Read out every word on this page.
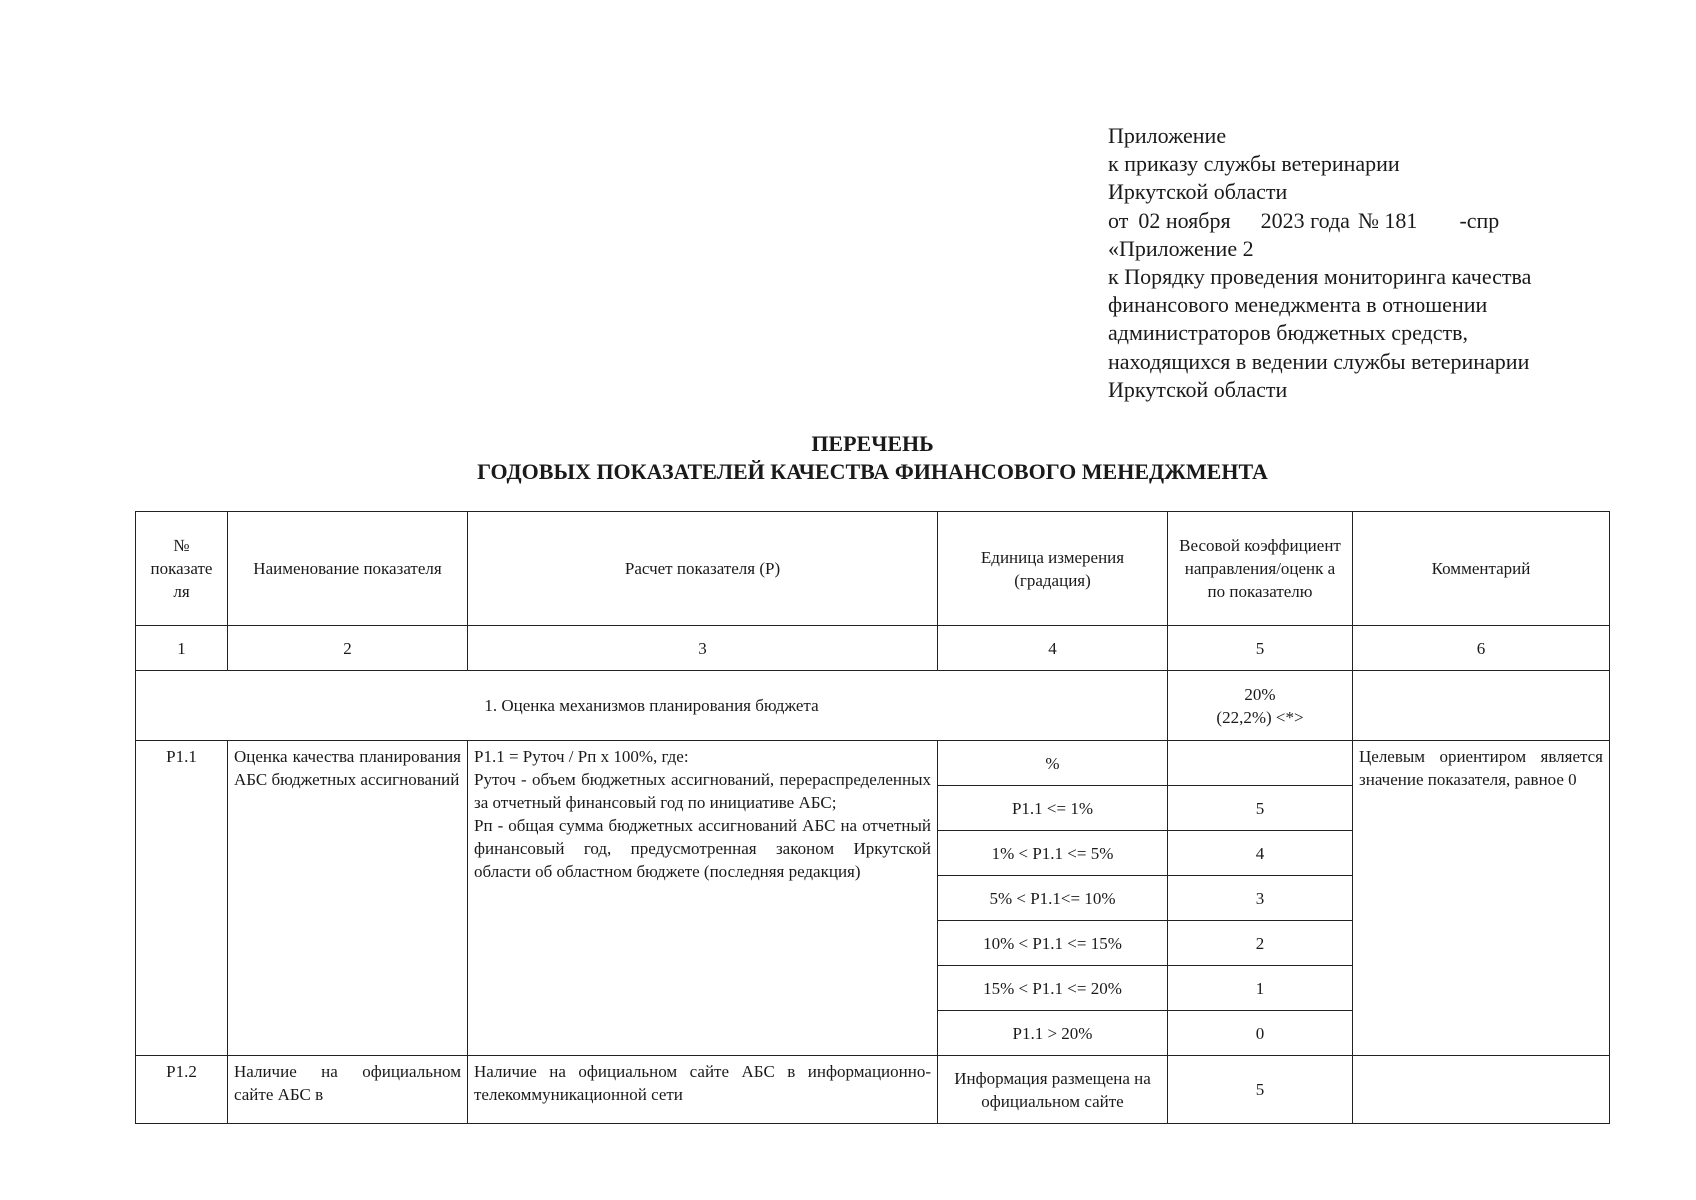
Приложение
к приказу службы ветеринарии
Иркутской области
от 02 ноября 2023 года № 181 -спр
«Приложение 2
к Порядку проведения мониторинга качества
финансового менеджмента в отношении
администраторов бюджетных средств,
находящихся в ведении службы ветеринарии
Иркутской области
ПЕРЕЧЕНЬ
ГОДОВЫХ ПОКАЗАТЕЛЕЙ КАЧЕСТВА ФИНАНСОВОГО МЕНЕДЖМЕНТА
№ показате ля	Наименование показателя	Расчет показателя (Р)	Единица измерения (градация)	Весовой коэффициент направления/оценк а по показателю	Комментарий
1	2	3	4	5	6
1. Оценка механизмов планирования бюджета				20%
(22,2%) <*>	

P1.1	Оценка качества планирования АБС бюджетных ассигнований	P1.1 = Руточ / Рп x 100%, где:
Руточ - объем бюджетных ассигнований, перераспределенных за отчетный финансовый год по инициативе АБС;
Рп - общая сумма бюджетных ассигнований АБС на отчетный финансовый год, предусмотренная законом Иркутской области об областном бюджете (последняя редакция)	%		Целевым ориентиром является значение показателя, равное 0
			P1.1 <= 1%	5	
			1% < P1.1 <= 5%	4	
			5% < P1.1<= 10%	3	
			10% < P1.1 <= 15%	2	
			15% < P1.1 <= 20%	1	
			P1.1 > 20%	0	
P1.2	Наличие на официальном сайте АБС в	Наличие на официальном сайте АБС в информационно-телекоммуникационной сети	Информация размещена на официальном сайте	5	
